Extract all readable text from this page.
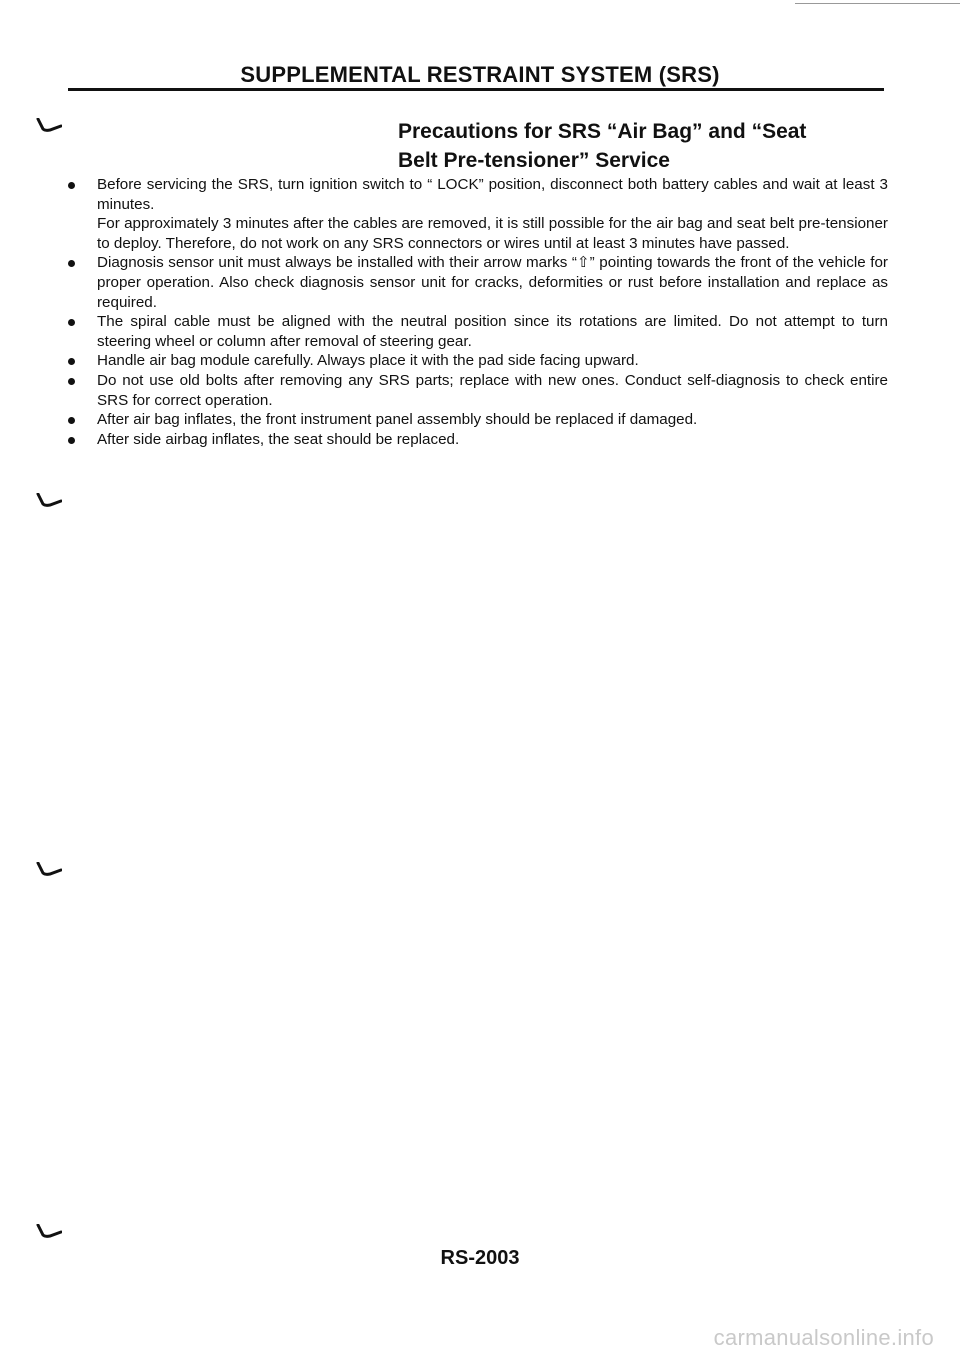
SUPPLEMENTAL RESTRAINT SYSTEM (SRS)
Precautions for SRS “Air Bag” and “Seat
Belt Pre-tensioner” Service
Before servicing the SRS, turn ignition switch to “ LOCK” position, disconnect both battery cables and wait at least 3 minutes.
For approximately 3 minutes after the cables are removed, it is still possible for the air bag and seat belt pre-tensioner to deploy. Therefore, do not work on any SRS connectors or wires until at least 3 minutes have passed.
Diagnosis sensor unit must always be installed with their arrow marks “⇧” pointing towards the front of the vehicle for proper operation. Also check diagnosis sensor unit for cracks, deformities or rust before installation and replace as required.
The spiral cable must be aligned with the neutral position since its rotations are limited. Do not attempt to turn steering wheel or column after removal of steering gear.
Handle air bag module carefully. Always place it with the pad side facing upward.
Do not use old bolts after removing any SRS parts; replace with new ones. Conduct self-diagnosis to check entire SRS for correct operation.
After air bag inflates, the front instrument panel assembly should be replaced if damaged.
After side airbag inflates, the seat should be replaced.
RS-2003
carmanualsonline.info
